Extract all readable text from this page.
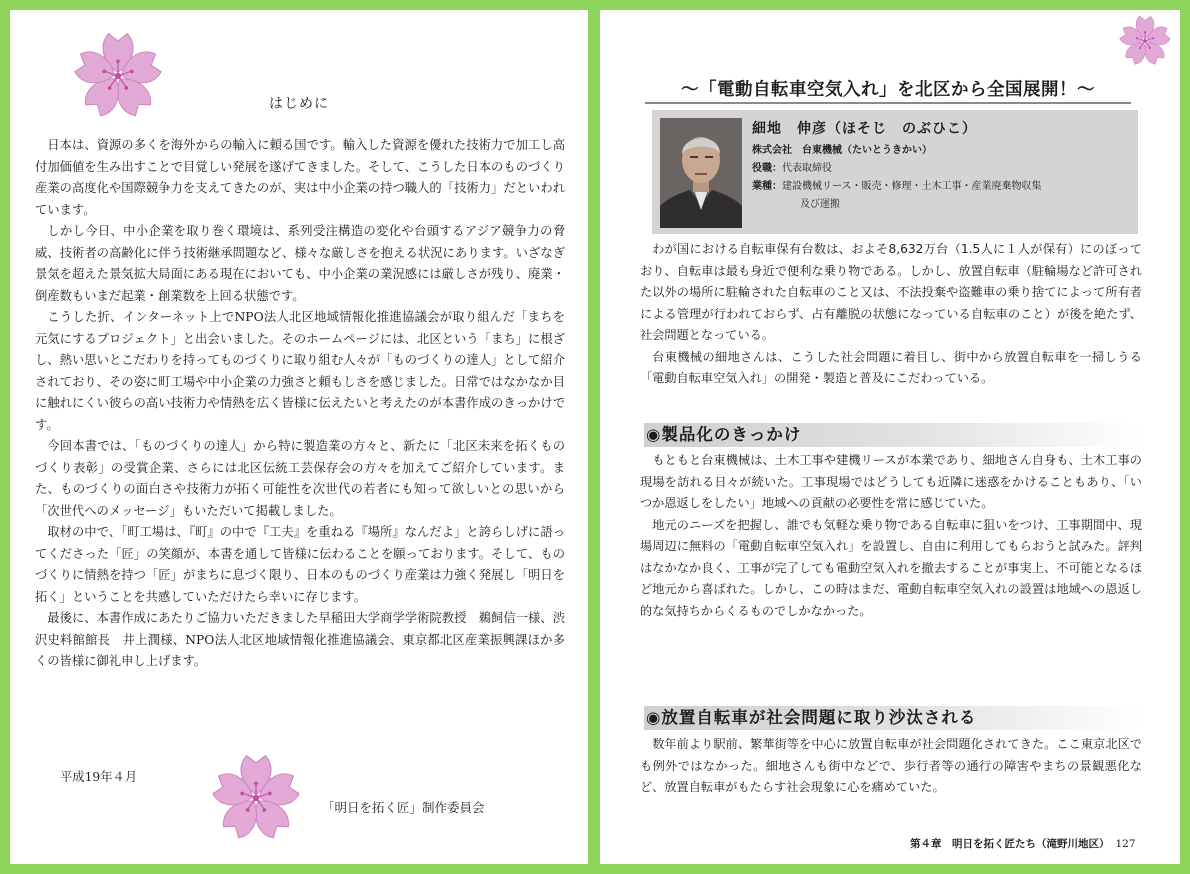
はじめに

日本は、資源の多くを海外からの輸入に頼る国です。輸入した資源を優れた技術力で加工し高付加価値を生み出すことで目覚しい発展を遂げてきました。そして、こうした日本のものづくり産業の高度化や国際競争力を支えてきたのが、実は中小企業の持つ職人的「技術力」だといわれています。

しかし今日、中小企業を取り巻く環境は、系列受注構造の変化や台頭するアジア競争力の脅威、技術者の高齢化に伴う技術継承問題など、様々な厳しさを抱える状況にあります。いざなぎ景気を超えた景気拡大局面にある現在においても、中小企業の業況感には厳しさが残り、廃業・倒産数もいまだ起業・創業数を上回る状態です。

こうした折、インターネット上でNPO法人北区地域情報化推進協議会が取り組んだ「まちを元気にするプロジェクト」と出会いました。そのホームページには、北区という「まち」に根ざし、熱い思いとこだわりを持ってものづくりに取り組む人々が「ものづくりの達人」として紹介されており、その姿に町工場や中小企業の力強さと頼もしさを感じました。日常ではなかなか目に触れにくい彼らの高い技術力や情熱を広く皆様に伝えたいと考えたのが本書作成のきっかけです。

今回本書では、「ものづくりの達人」から特に製造業の方々と、新たに「北区未来を拓くものづくり表彰」の受賞企業、さらには北区伝統工芸保存会の方々を加えてご紹介しています。また、ものづくりの面白さや技術力が拓く可能性を次世代の若者にも知って欲しいとの思いから「次世代へのメッセージ」もいただいて掲載しました。

取材の中で、「町工場は、『町』の中で『工夫』を重ねる『場所』なんだよ」と誇らしげに語ってくださった「匠」の笑顔が、本書を通して皆様に伝わることを願っております。そして、ものづくりに情熱を持つ「匠」がまちに息づく限り、日本のものづくり産業は力強く発展し「明日を拓く」ということを共感していただけたら幸いに存じます。

最後に、本書作成にあたりご協力いただきました早稲田大学商学学術院教授　鵜飼信一様、渋沢史料館館長　井上潤様、NPO法人北区地域情報化推進協議会、東京都北区産業振興課ほか多くの皆様に御礼申し上げます。

平成19年４月
「明日を拓く匠」制作委員会
～「電動自転車空気入れ」を北区から全国展開！～
細地　伸彦（ほそじ　のぶひこ）
株式会社　台東機械（たいとうきかい）
役職：代表取締役
業種：建設機械リース・販売・修理・土木工事・産業廃棄物収集
及び運搬

わが国における自転車保有台数は、およそ8,632万台（1.5人に１人が保有）にのぼっており、自転車は最も身近で便利な乗り物である。しかし、放置自転車（駐輪場など許可された以外の場所に駐輪された自転車のこと又は、不法投棄や盗難車の乗り捨てによって所有者による管理が行われておらず、占有離脱の状態になっている自転車のこと）が後を絶たず、社会問題となっている。

台東機械の細地さんは、こうした社会問題に着目し、街中から放置自転車を一掃しうる「電動自転車空気入れ」の開発・製造と普及にこだわっている。

◉製品化のきっかけ

もともと台東機械は、土木工事や建機リースが本業であり、細地さん自身も、土木工事の現場を訪れる日々が続いた。工事現場ではどうしても近隣に迷惑をかけることもあり、「いつか恩返しをしたい」地域への貢献の必要性を常に感じていた。

地元のニーズを把握し、誰でも気軽な乗り物である自転車に狙いをつけ、工事期間中、現場周辺に無料の「電動自転車空気入れ」を設置し、自由に利用してもらおうと試みた。評判はなかなか良く、工事が完了しても電動空気入れを撤去することが事実上、不可能となるほど地元から喜ばれた。しかし、この時はまだ、電動自転車空気入れの設置は地域への恩返し的な気持ちからくるものでしかなかった。

◉放置自転車が社会問題に取り沙汰される

数年前より駅前、繁華街等を中心に放置自転車が社会問題化されてきた。ここ東京北区でも例外ではなかった。細地さんも街中などで、歩行者等の通行の障害やまちの景観悪化など、放置自転車がもたらす社会現象に心を痛めていた。

第４章　明日を拓く匠たち（滝野川地区） 127
